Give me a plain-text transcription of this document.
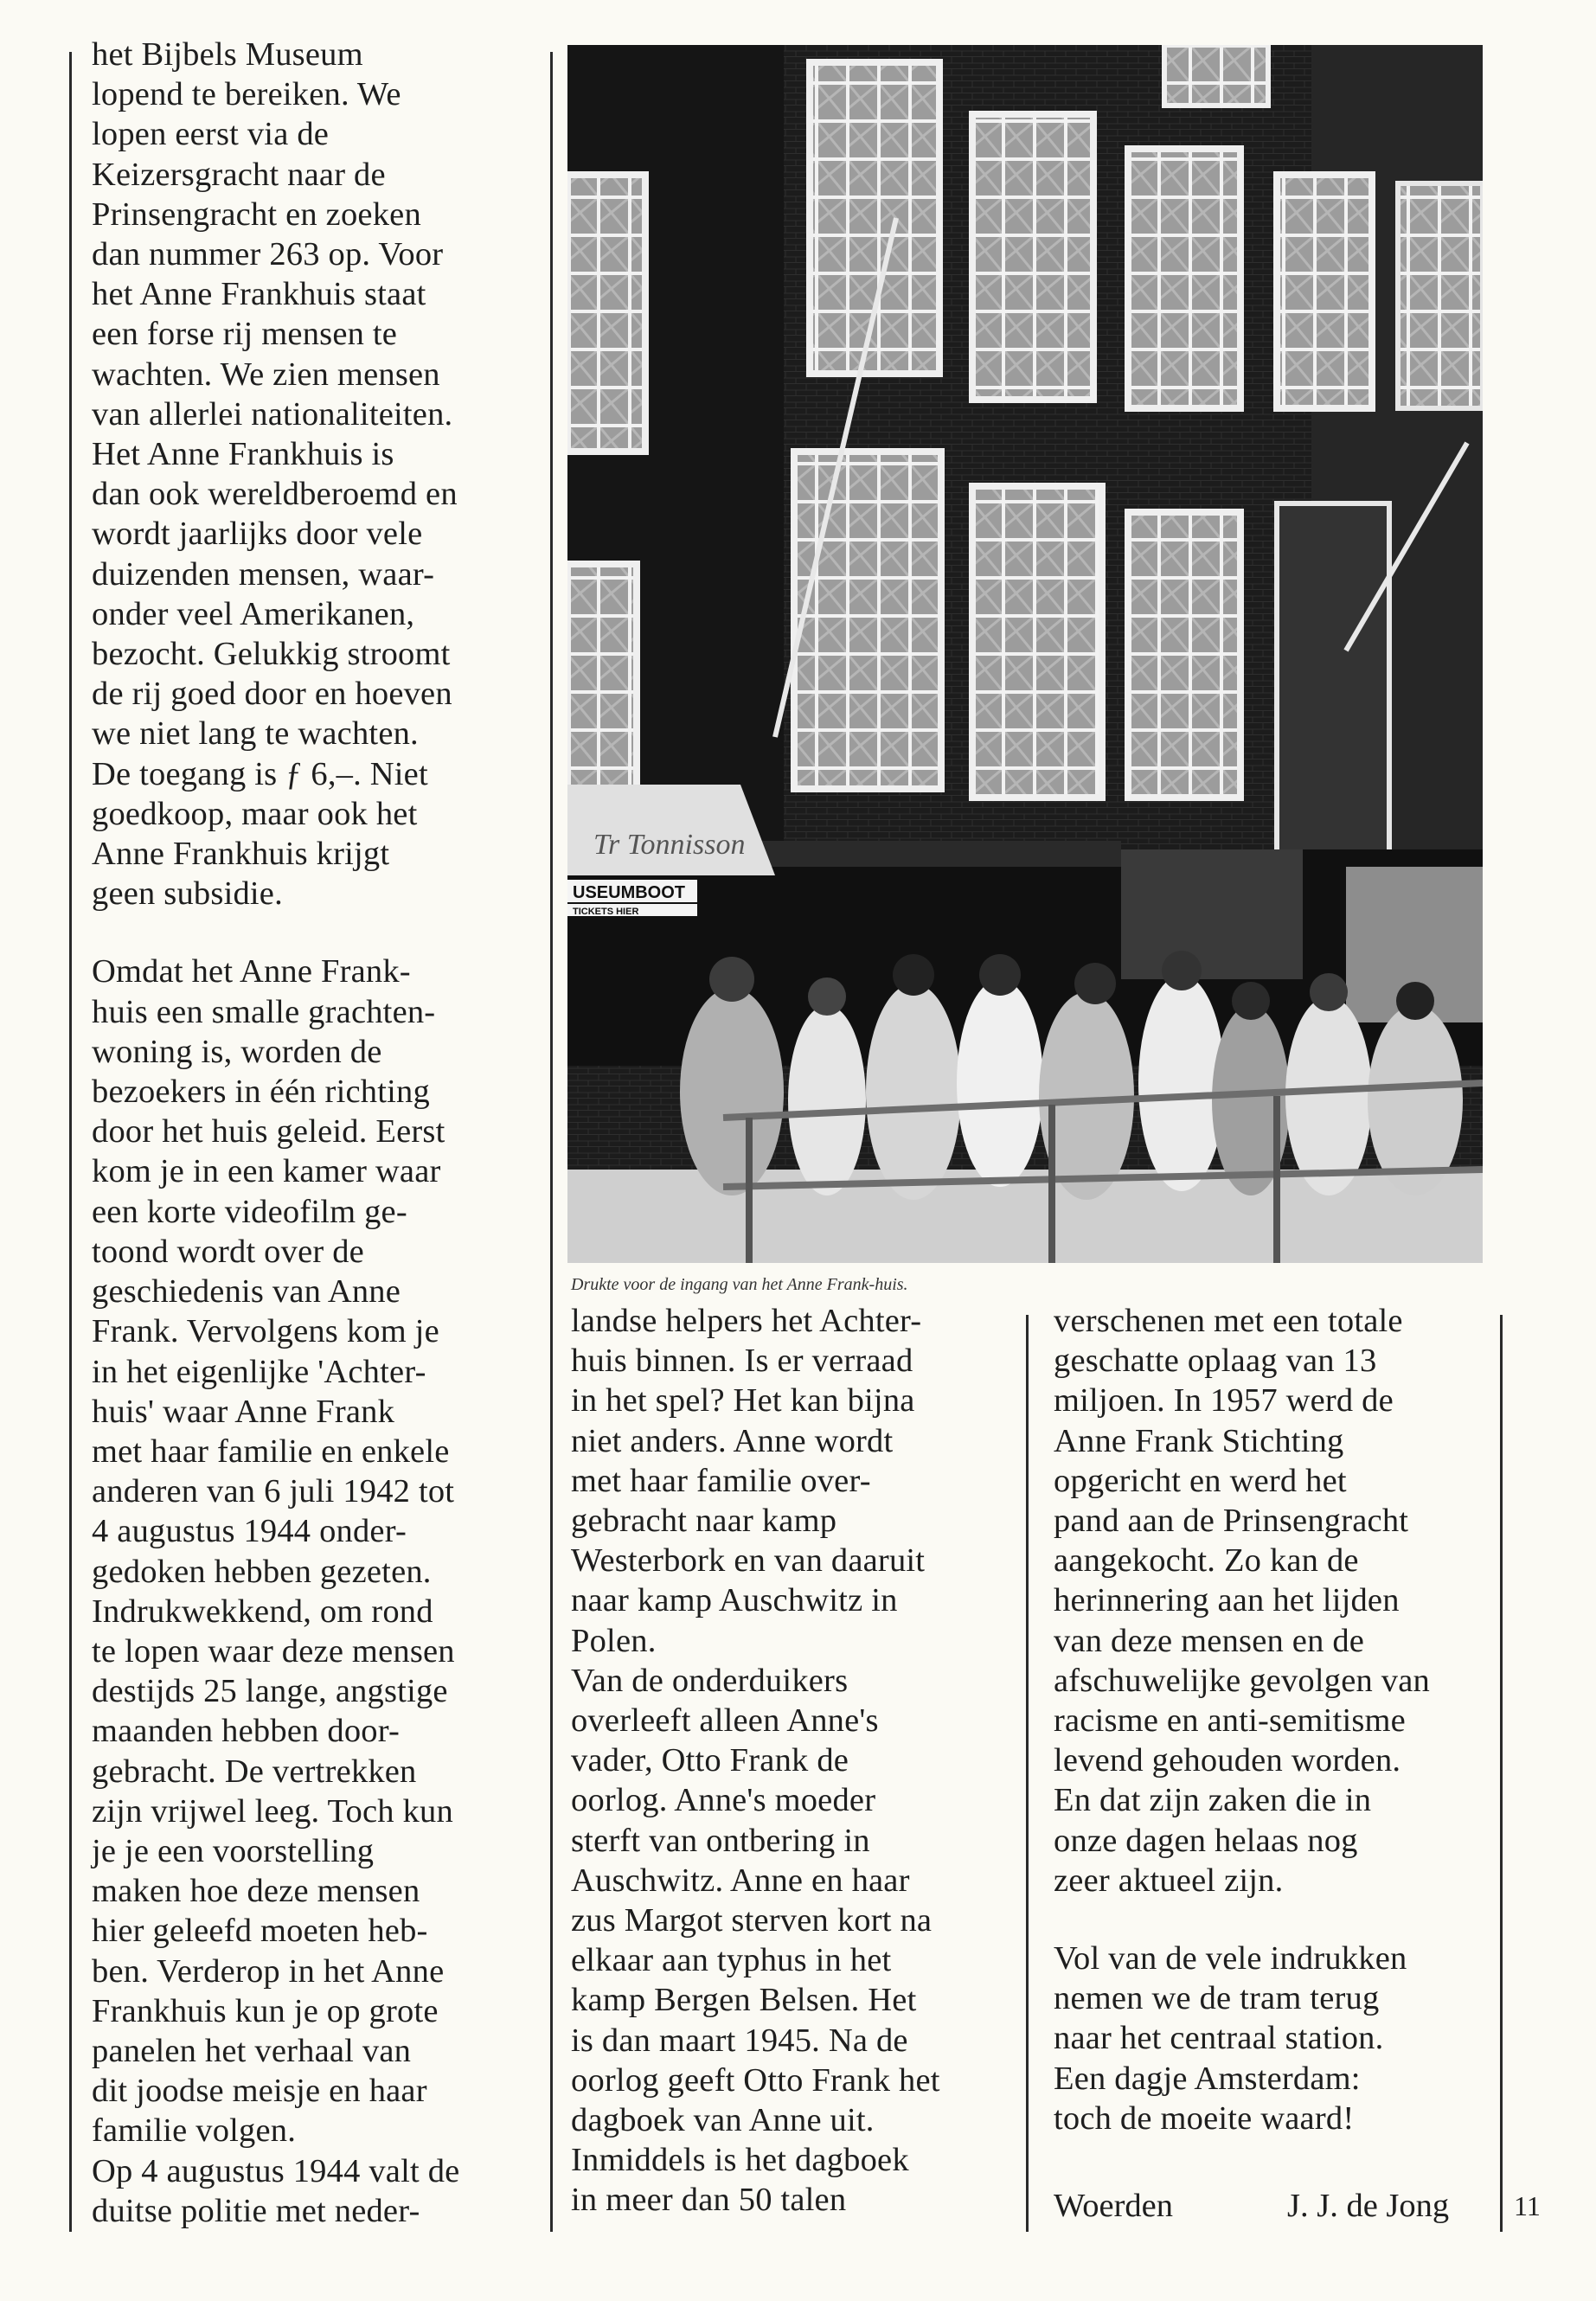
het Bijbels Museum
lopend te bereiken. We
lopen eerst via de
Keizersgracht naar de
Prinsengracht en zoeken
dan nummer 263 op. Voor
het Anne Frankhuis staat
een forse rij mensen te
wachten. We zien mensen
van allerlei nationaliteiten.
Het Anne Frankhuis is
dan ook wereldberoemd en
wordt jaarlijks door vele
duizenden mensen, waar-
onder veel Amerikanen,
bezocht. Gelukkig stroomt
de rij goed door en hoeven
we niet lang te wachten.
De toegang is ƒ 6,–. Niet
goedkoop, maar ook het
Anne Frankhuis krijgt
geen subsidie.

Omdat het Anne Frank-
huis een smalle grachten-
woning is, worden de
bezoekers in één richting
door het huis geleid. Eerst
kom je in een kamer waar
een korte videofilm ge-
toond wordt over de
geschiedenis van Anne
Frank. Vervolgens kom je
in het eigenlijke 'Achter-
huis' waar Anne Frank
met haar familie en enkele
anderen van 6 juli 1942 tot
4 augustus 1944 onder-
gedoken hebben gezeten.
Indrukwekkend, om rond
te lopen waar deze mensen
destijds 25 lange, angstige
maanden hebben door-
gebracht. De vertrekken
zijn vrijwel leeg. Toch kun
je je een voorstelling
maken hoe deze mensen
hier geleefd moeten heb-
ben. Verderop in het Anne
Frankhuis kun je op grote
panelen het verhaal van
dit joodse meisje en haar
familie volgen.

Op 4 augustus 1944 valt de
duitse politie met neder-

Tr Tonnisson
USEUMBOOT
TICKETS HIER
Drukte voor de ingang van het Anne Frank-huis.

landse helpers het Achter-
huis binnen. Is er verraad
in het spel? Het kan bijna
niet anders. Anne wordt
met haar familie over-
gebracht naar kamp
Westerbork en van daaruit
naar kamp Auschwitz in
Polen.

Van de onderduikers
overleeft alleen Anne's
vader, Otto Frank de
oorlog. Anne's moeder
sterft van ontbering in
Auschwitz. Anne en haar
zus Margot sterven kort na
elkaar aan typhus in het
kamp Bergen Belsen. Het
is dan maart 1945. Na de
oorlog geeft Otto Frank het
dagboek van Anne uit.
Inmiddels is het dagboek
in meer dan 50 talen

verschenen met een totale
geschatte oplaag van 13
miljoen. In 1957 werd de
Anne Frank Stichting
opgericht en werd het
pand aan de Prinsengracht
aangekocht. Zo kan de
herinnering aan het lijden
van deze mensen en de
afschuwelijke gevolgen van
racisme en anti-semitisme
levend gehouden worden.
En dat zijn zaken die in
onze dagen helaas nog
zeer aktueel zijn.

Vol van de vele indrukken
nemen we de tram terug
naar het centraal station.
Een dagje Amsterdam:
toch de moeite waard!

Woerden	J. J. de Jong 11
